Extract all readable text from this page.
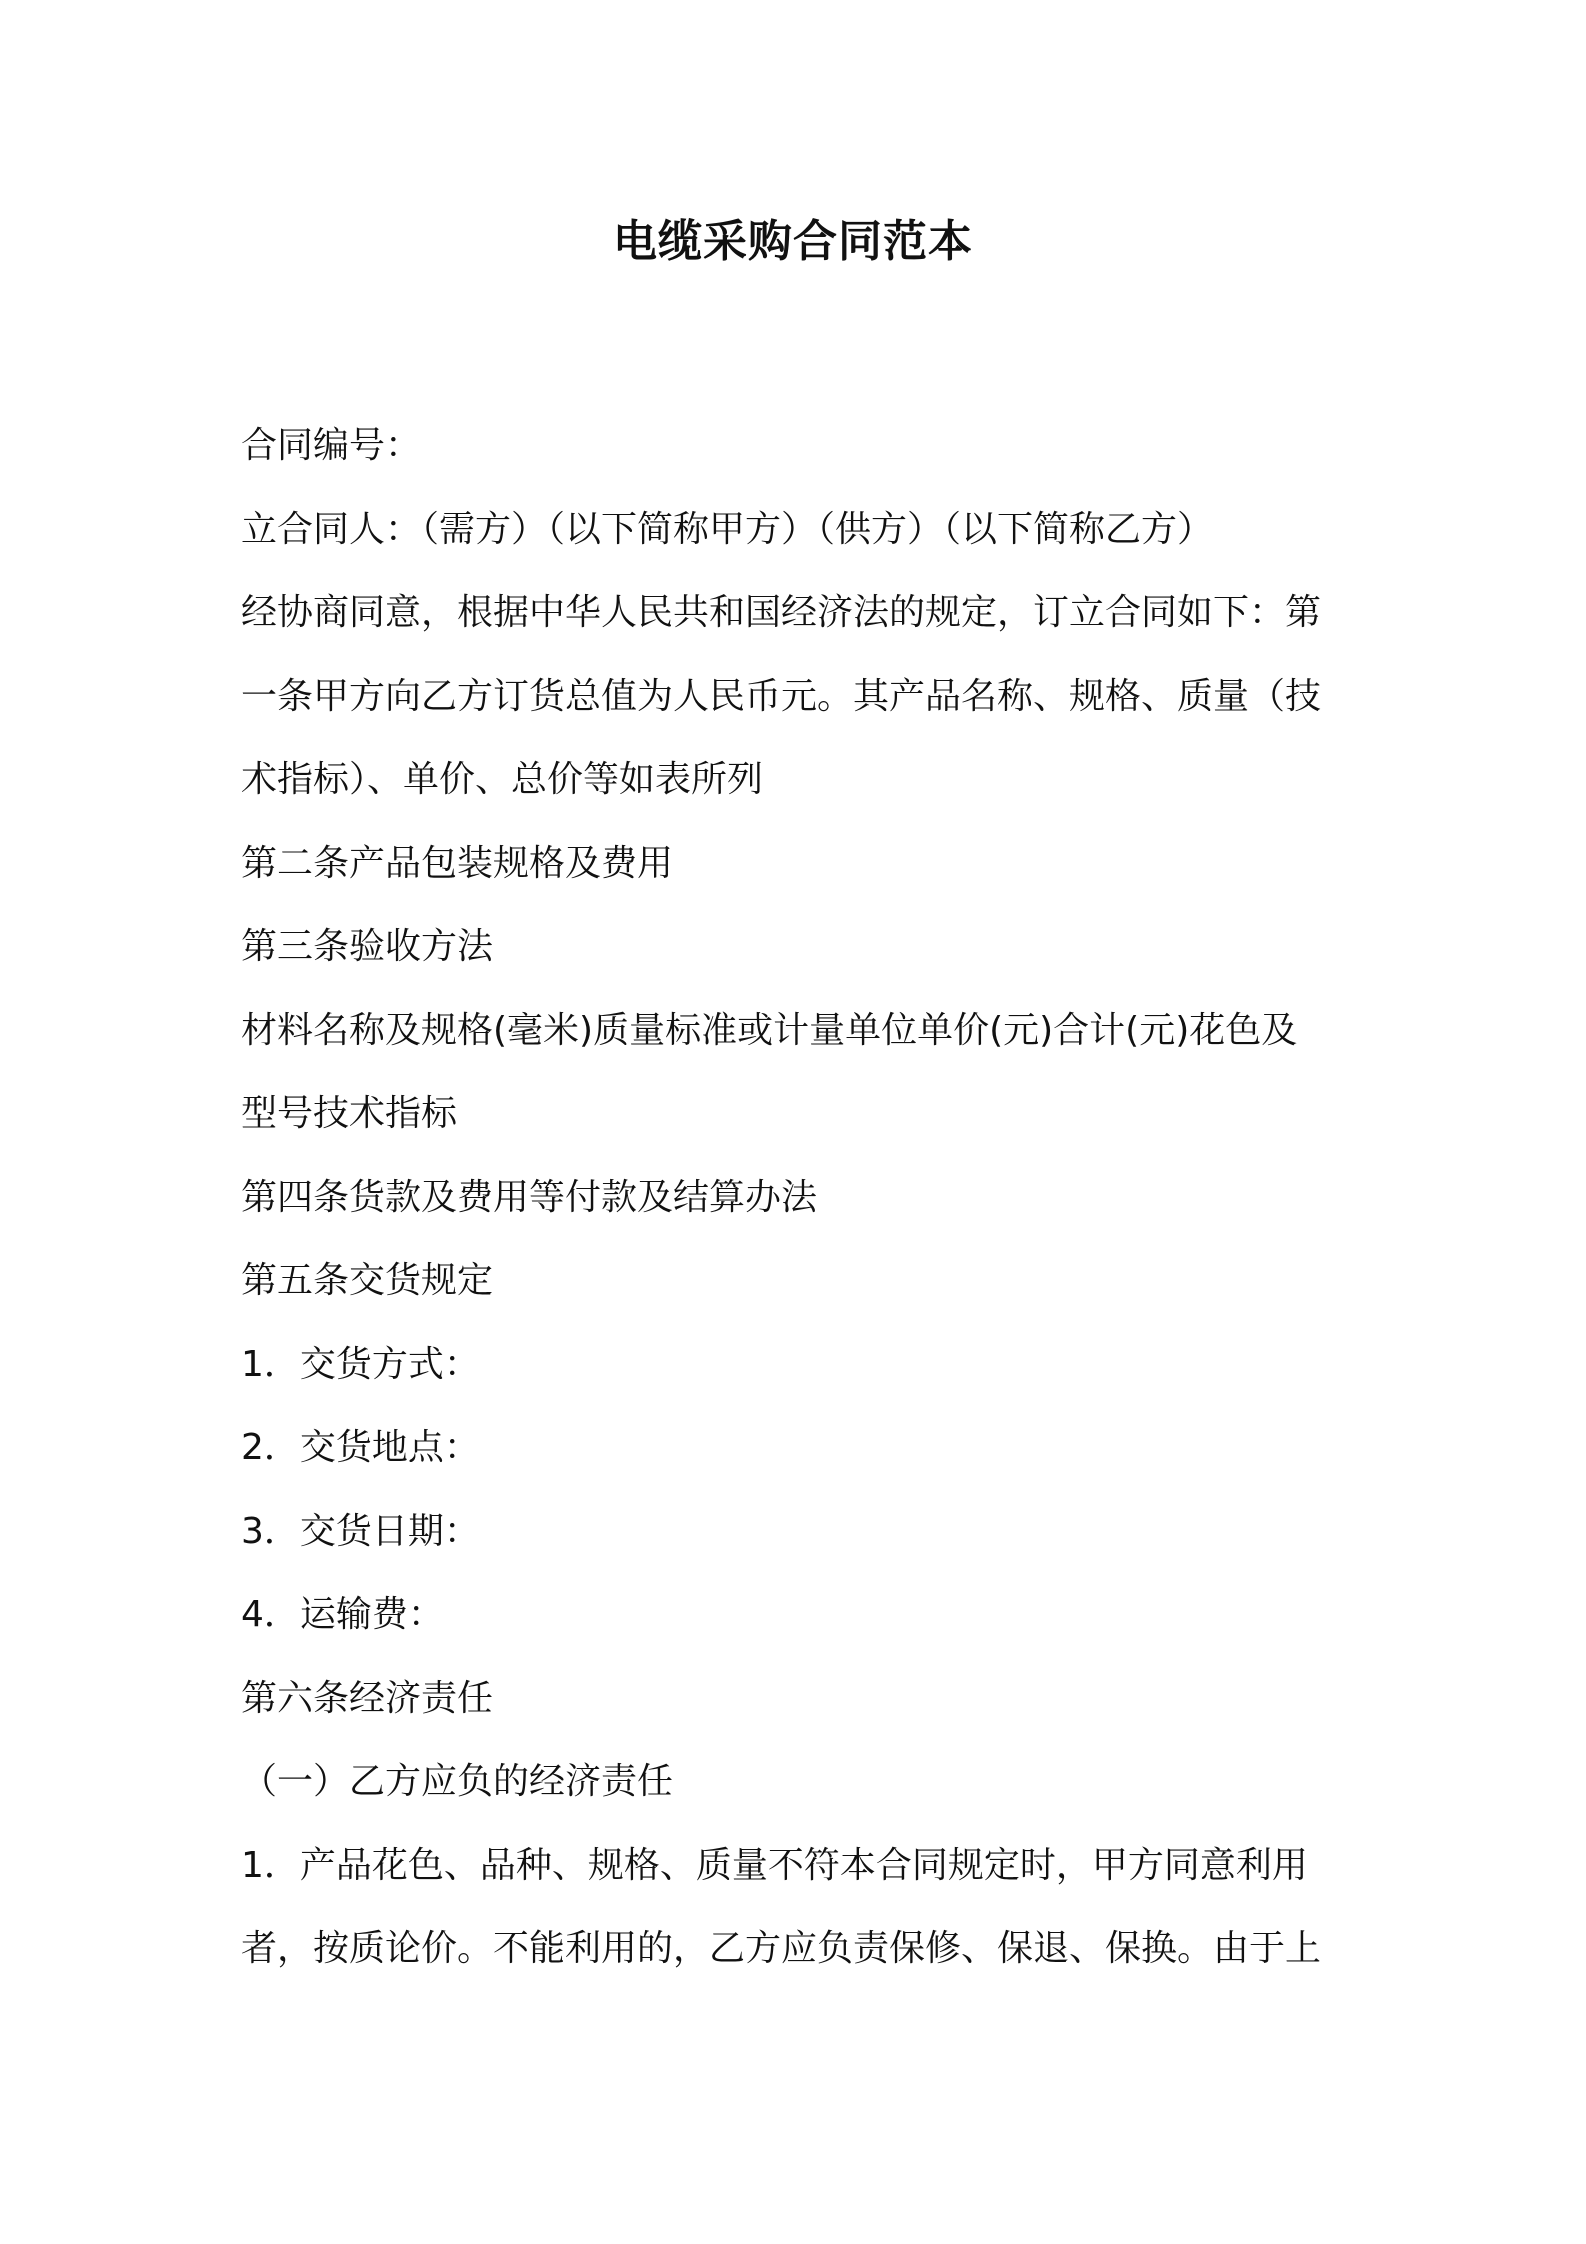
电缆采购合同范本
合同编号：
立合同人：（需方）（以下简称甲方）（供方）（以下简称乙方）
经协商同意，根据中华人民共和国经济法的规定，订立合同如下：第
一条甲方向乙方订货总值为人民币元。其产品名称、规格、质量（技
术指标）、单价、总价等如表所列
第二条产品包装规格及费用
第三条验收方法
材料名称及规格(毫米)质量标准或计量单位单价(元)合计(元)花色及
型号技术指标
第四条货款及费用等付款及结算办法
第五条交货规定
1．交货方式：
2．交货地点：
3．交货日期：
4．运输费：
第六条经济责任
（一）乙方应负的经济责任
1．产品花色、品种、规格、质量不符本合同规定时，甲方同意利用
者，按质论价。不能利用的，乙方应负责保修、保退、保换。由于上
